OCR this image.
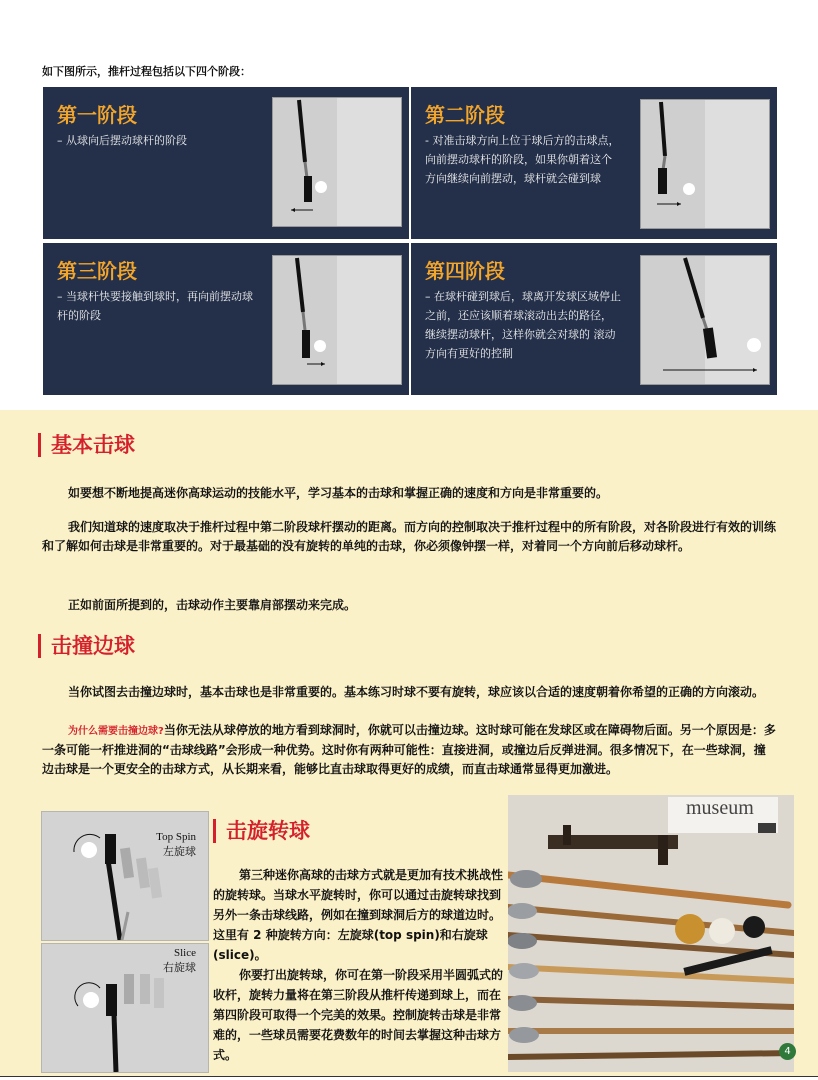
如下图所示，推杆过程包括以下四个阶段：
第一阶段
– 从球向后摆动球杆的阶段
第二阶段
- 对准击球方向上位于球后方的击球点，向前摆动球杆的阶段，如果你朝着这个方向继续向前摆动，球杆就会碰到球
第三阶段
– 当球杆快要接触到球时，再向前摆动球杆的阶段
第四阶段
– 在球杆碰到球后，球离开发球区域停止之前，还应该顺着球滚动出去的路径，继续摆动球杆，这样你就会对球的 滚动方向有更好的控制
基本击球
如要想不断地提高迷你高球运动的技能水平，学习基本的击球和掌握正确的速度和方向是非常重要的。
我们知道球的速度取决于推杆过程中第二阶段球杆摆动的距离。而方向的控制取决于推杆过程中的所有阶段，对各阶段进行有效的训练和了解如何击球是非常重要的。对于最基础的没有旋转的单纯的击球，你必须像钟摆一样，对着同一个方向前后移动球杆。
正如前面所提到的，击球动作主要靠肩部摆动来完成。
击撞边球
当你试图去击撞边球时，基本击球也是非常重要的。基本练习时球不要有旋转，球应该以合适的速度朝着你希望的正确的方向滚动。
为什么需要击撞边球?当你无法从球停放的地方看到球洞时，你就可以击撞边球。这时球可能在发球区或在障碍物后面。另一个原因是：多一条可能一杆推进洞的“击球线路”会形成一种优势。这时你有两种可能性：直接进洞，或撞边后反弹进洞。很多情况下，在一些球洞，撞边击球是一个更安全的击球方式，从长期来看，能够比直击球取得更好的成绩，而直击球通常显得更加激进。
Top Spin
左旋球
Slice
右旋球
击旋转球
第三种迷你高球的击球方式就是更加有技术挑战性的旋转球。当球水平旋转时，你可以通过击旋转球找到另外一条击球线路，例如在撞到球洞后方的球道边时。这里有 2 种旋转方向：左旋球(top spin)和右旋球(slice)。
你要打出旋转球，你可在第一阶段采用半圆弧式的收杆，旋转力量将在第三阶段从推杆传递到球上，而在第四阶段可取得一个完美的效果。控制旋转击球是非常难的，一些球员需要花费数年的时间去掌握这种击球方式。
museum
4
